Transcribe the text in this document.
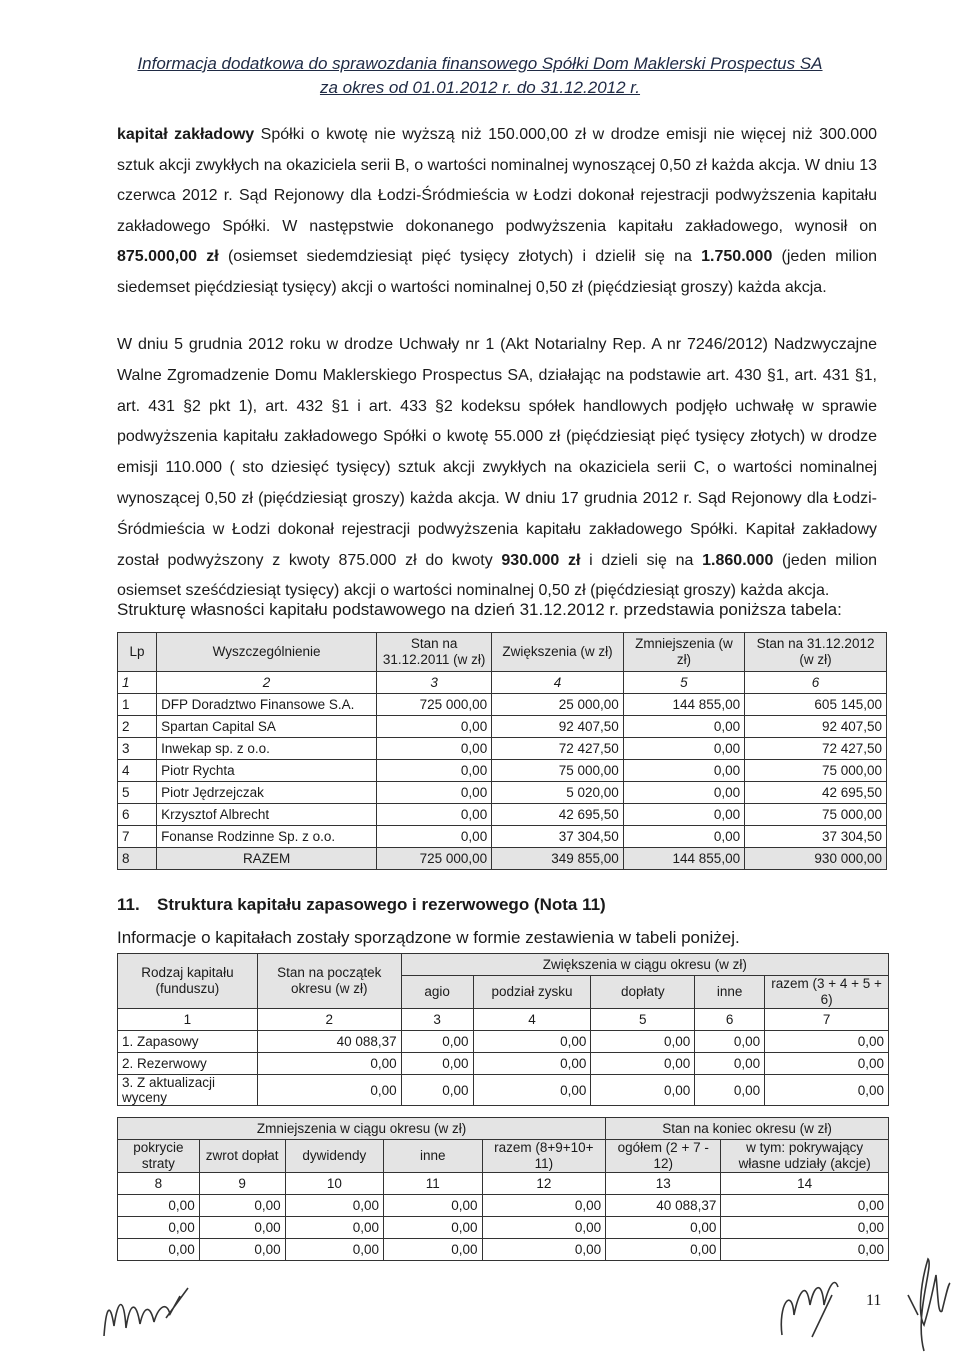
Informacja dodatkowa do sprawozdania finansowego Spółki Dom Maklerski Prospectus SA
za okres od 01.01.2012 r. do 31.12.2012 r.
kapitał zakładowy Spółki o kwotę nie wyższą niż 150.000,00 zł w drodze emisji nie więcej niż 300.000 sztuk akcji zwykłych na okaziciela serii B, o wartości nominalnej wynoszącej 0,50 zł każda akcja. W dniu 13 czerwca 2012 r. Sąd Rejonowy dla Łodzi-Śródmieścia w Łodzi dokonał rejestracji podwyższenia kapitału zakładowego Spółki. W następstwie dokonanego podwyższenia kapitału zakładowego, wynosił on 875.000,00 zł (osiemset siedemdziesiąt pięć tysięcy złotych) i dzielił się na 1.750.000 (jeden milion siedemset pięćdziesiąt tysięcy) akcji o wartości nominalnej 0,50 zł (pięćdziesiąt groszy) każda akcja.
W dniu 5 grudnia 2012 roku w drodze Uchwały nr 1 (Akt Notarialny Rep. A nr 7246/2012) Nadzwyczajne Walne Zgromadzenie Domu Maklerskiego Prospectus SA, działając na podstawie art. 430 §1, art. 431 §1, art. 431 §2 pkt 1), art. 432 §1 i art. 433 §2 kodeksu spółek handlowych podjęło uchwałę w sprawie podwyższenia kapitału zakładowego Spółki o kwotę 55.000 zł (pięćdziesiąt pięć tysięcy złotych) w drodze emisji 110.000 ( sto dziesięć tysięcy) sztuk akcji zwykłych na okaziciela serii C, o wartości nominalnej wynoszącej 0,50 zł (pięćdziesiąt groszy) każda akcja. W dniu 17 grudnia 2012 r. Sąd Rejonowy dla Łodzi-Śródmieścia w Łodzi dokonał rejestracji podwyższenia kapitału zakładowego Spółki. Kapitał zakładowy został podwyższony z kwoty 875.000 zł do kwoty 930.000 zł i dzieli się na 1.860.000 (jeden milion osiemset sześćdziesiąt tysięcy) akcji o wartości nominalnej 0,50 zł (pięćdziesiąt groszy) każda akcja.
Strukturę własności kapitału podstawowego na dzień 31.12.2012 r. przedstawia poniższa tabela:
Lp	Wyszczególnienie	Stan na 31.12.2011 (w zł)	Zwiększenia (w zł)	Zmniejszenia (w zł)	Stan na 31.12.2012 (w zł)
1	2	3	4	5	6
1	DFP Doradztwo Finansowe S.A.	725 000,00	25 000,00	144 855,00	605 145,00
2	Spartan Capital SA	0,00	92 407,50	0,00	92 407,50
3	Inwekap sp. z o.o.	0,00	72 427,50	0,00	72 427,50
4	Piotr Rychta	0,00	75 000,00	0,00	75 000,00
5	Piotr Jędrzejczak	0,00	5 020,00	0,00	42 695,50
6	Krzysztof Albrecht	0,00	42 695,50	0,00	75 000,00
7	Fonanse Rodzinne Sp. z o.o.	0,00	37 304,50	0,00	37 304,50
8	RAZEM	725 000,00	349 855,00	144 855,00	930 000,00
11. Struktura kapitału zapasowego i rezerwowego (Nota 11)
Informacje o kapitałach zostały sporządzone w formie zestawienia w tabeli poniżej.
Rodzaj kapitału (funduszu)	Stan na początek okresu (w zł)	Zwiększenia w ciągu okresu (w zł)				
		agio	podział zysku	dopłaty	inne	razem (3 + 4 + 5 + 6)
1	2	3	4	5	6	7
1. Zapasowy	40 088,37	0,00	0,00	0,00	0,00	0,00
2. Rezerwowy	0,00	0,00	0,00	0,00	0,00	0,00
3. Z aktualizacji wyceny	0,00	0,00	0,00	0,00	0,00	0,00
Zmniejszenia w ciągu okresu (w zł)					Stan na koniec okresu (w zł)	
pokrycie straty	zwrot dopłat	dywidendy	inne	razem (8+9+10+ 11)	ogółem (2 + 7 - 12)	w tym: pokrywający własne udziały (akcje)
8	9	10	11	12	13	14
0,00	0,00	0,00	0,00	0,00	40 088,37	0,00
0,00	0,00	0,00	0,00	0,00	0,00	0,00
0,00	0,00	0,00	0,00	0,00	0,00	0,00
11
